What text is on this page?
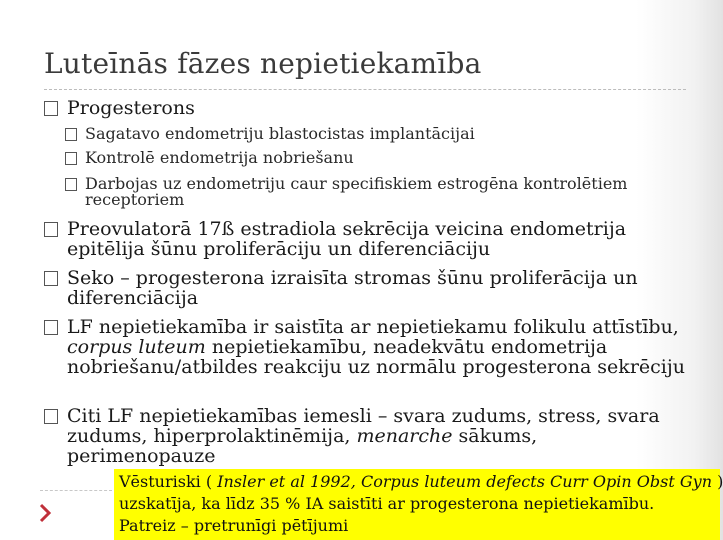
Luteīnās fāzes nepietiekamība
Progesterons
Sagatavo endometriju blastocistas implantācijai
Kontrolē endometrija nobriešanu
Darbojas uz endometriju caur specifiskiem estrogēna kontrolētiem receptoriem
Preovulatorā 17ß estradiola sekrēcija veicina endometrija epitēlija šūnu proliferāciju un diferenciāciju
Seko – progesterona izraisīta stromas šūnu proliferācija un diferenciācija
LF nepietiekamība ir saistīta ar nepietiekamu folikulu attīstību,
corpus luteum nepietiekamību, neadekvātu endometrija nobriešanu/atbildes reakciju uz normālu progesterona sekrēciju
Citi LF nepietiekamības iemesli – svara zudums, stress, svara zudums, hiperprolaktinēmija, menarche sākums, perimenopauze
Vēsturiski ( Insler et al 1992, Corpus luteum defects Curr Opin Obst Gyn )
uzskatīja, ka līdz 35 % IA saistīti ar progesterona nepietiekamību.
Patreiz – pretrunīgi pētījumi
